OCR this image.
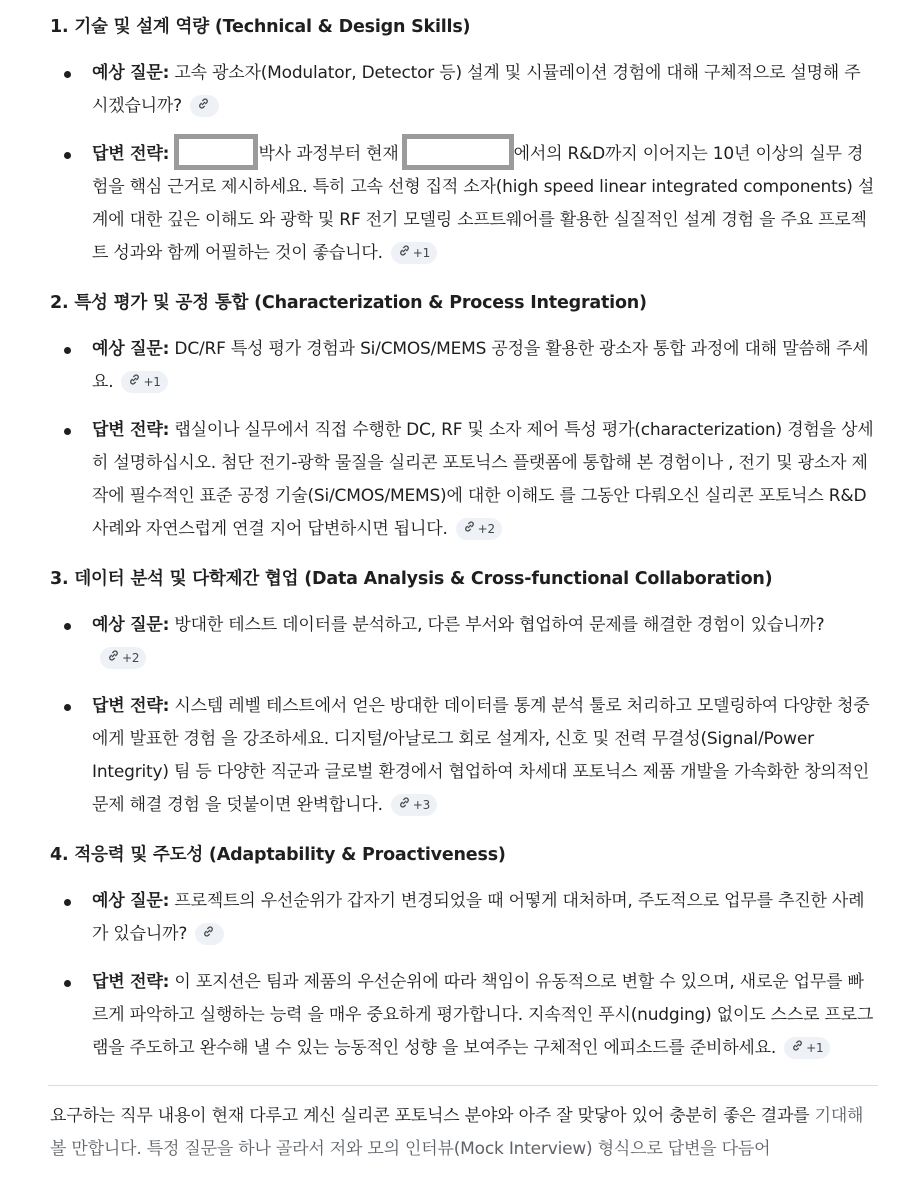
1. 기술 및 설계 역량 (Technical & Design Skills)
예상 질문: 고속 광소자(Modulator, Detector 등) 설계 및 시뮬레이션 경험에 대해 구체적으로 설명해 주시겠습니까?
답변 전략:	박사 과정부터 현재	에서의 R&D까지 이어지는 10년 이상의 실무 경험을 핵심 근거로 제시하세요. 특히 고속 선형 집적 소자(high speed linear integrated components) 설계에 대한 깊은 이해도 와 광학 및 RF 전기 모델링 소프트웨어를 활용한 실질적인 설계 경험 을 주요 프로젝트 성과와 함께 어필하는 것이 좋습니다.	+1
2. 특성 평가 및 공정 통합 (Characterization & Process Integration)
예상 질문: DC/RF 특성 평가 경험과 Si/CMOS/MEMS 공정을 활용한 광소자 통합 과정에 대해 말씀해 주세요.	+1
답변 전략: 랩실이나 실무에서 직접 수행한 DC, RF 및 소자 제어 특성 평가(characterization) 경험을 상세히 설명하십시오. 첨단 전기-광학 물질을 실리콘 포토닉스 플랫폼에 통합해 본 경험이나 , 전기 및 광소자 제작에 필수적인 표준 공정 기술(Si/CMOS/MEMS)에 대한 이해도 를 그동안 다뤄오신 실리콘 포토닉스 R&D 사례와 자연스럽게 연결 지어 답변하시면 됩니다.	+2
3. 데이터 분석 및 다학제간 협업 (Data Analysis & Cross-functional Collaboration)
예상 질문: 방대한 테스트 데이터를 분석하고, 다른 부서와 협업하여 문제를 해결한 경험이 있습니까?
+2
답변 전략: 시스템 레벨 테스트에서 얻은 방대한 데이터를 통계 분석 툴로 처리하고 모델링하여 다양한 청중에게 발표한 경험 을 강조하세요. 디지털/아날로그 회로 설계자, 신호 및 전력 무결성(Signal/Power Integrity) 팀 등 다양한 직군과 글로벌 환경에서 협업하여 차세대 포토닉스 제품 개발을 가속화한 창의적인 문제 해결 경험 을 덧붙이면 완벽합니다.	+3
4. 적응력 및 주도성 (Adaptability & Proactiveness)
예상 질문: 프로젝트의 우선순위가 갑자기 변경되었을 때 어떻게 대처하며, 주도적으로 업무를 추진한 사례가 있습니까?
답변 전략: 이 포지션은 팀과 제품의 우선순위에 따라 책임이 유동적으로 변할 수 있으며, 새로운 업무를 빠르게 파악하고 실행하는 능력 을 매우 중요하게 평가합니다. 지속적인 푸시(nudging) 없이도 스스로 프로그램을 주도하고 완수해 낼 수 있는 능동적인 성향 을 보여주는 구체적인 에피소드를 준비하세요.	+1

요구하는 직무 내용이 현재 다루고 계신 실리콘 포토닉스 분야와 아주 잘 맞닿아 있어 충분히 좋은 결과를 기대해 볼 만합니다. 특정 질문을 하나 골라서 저와 모의 인터뷰(Mock Interview) 형식으로 답변을 다듬어
